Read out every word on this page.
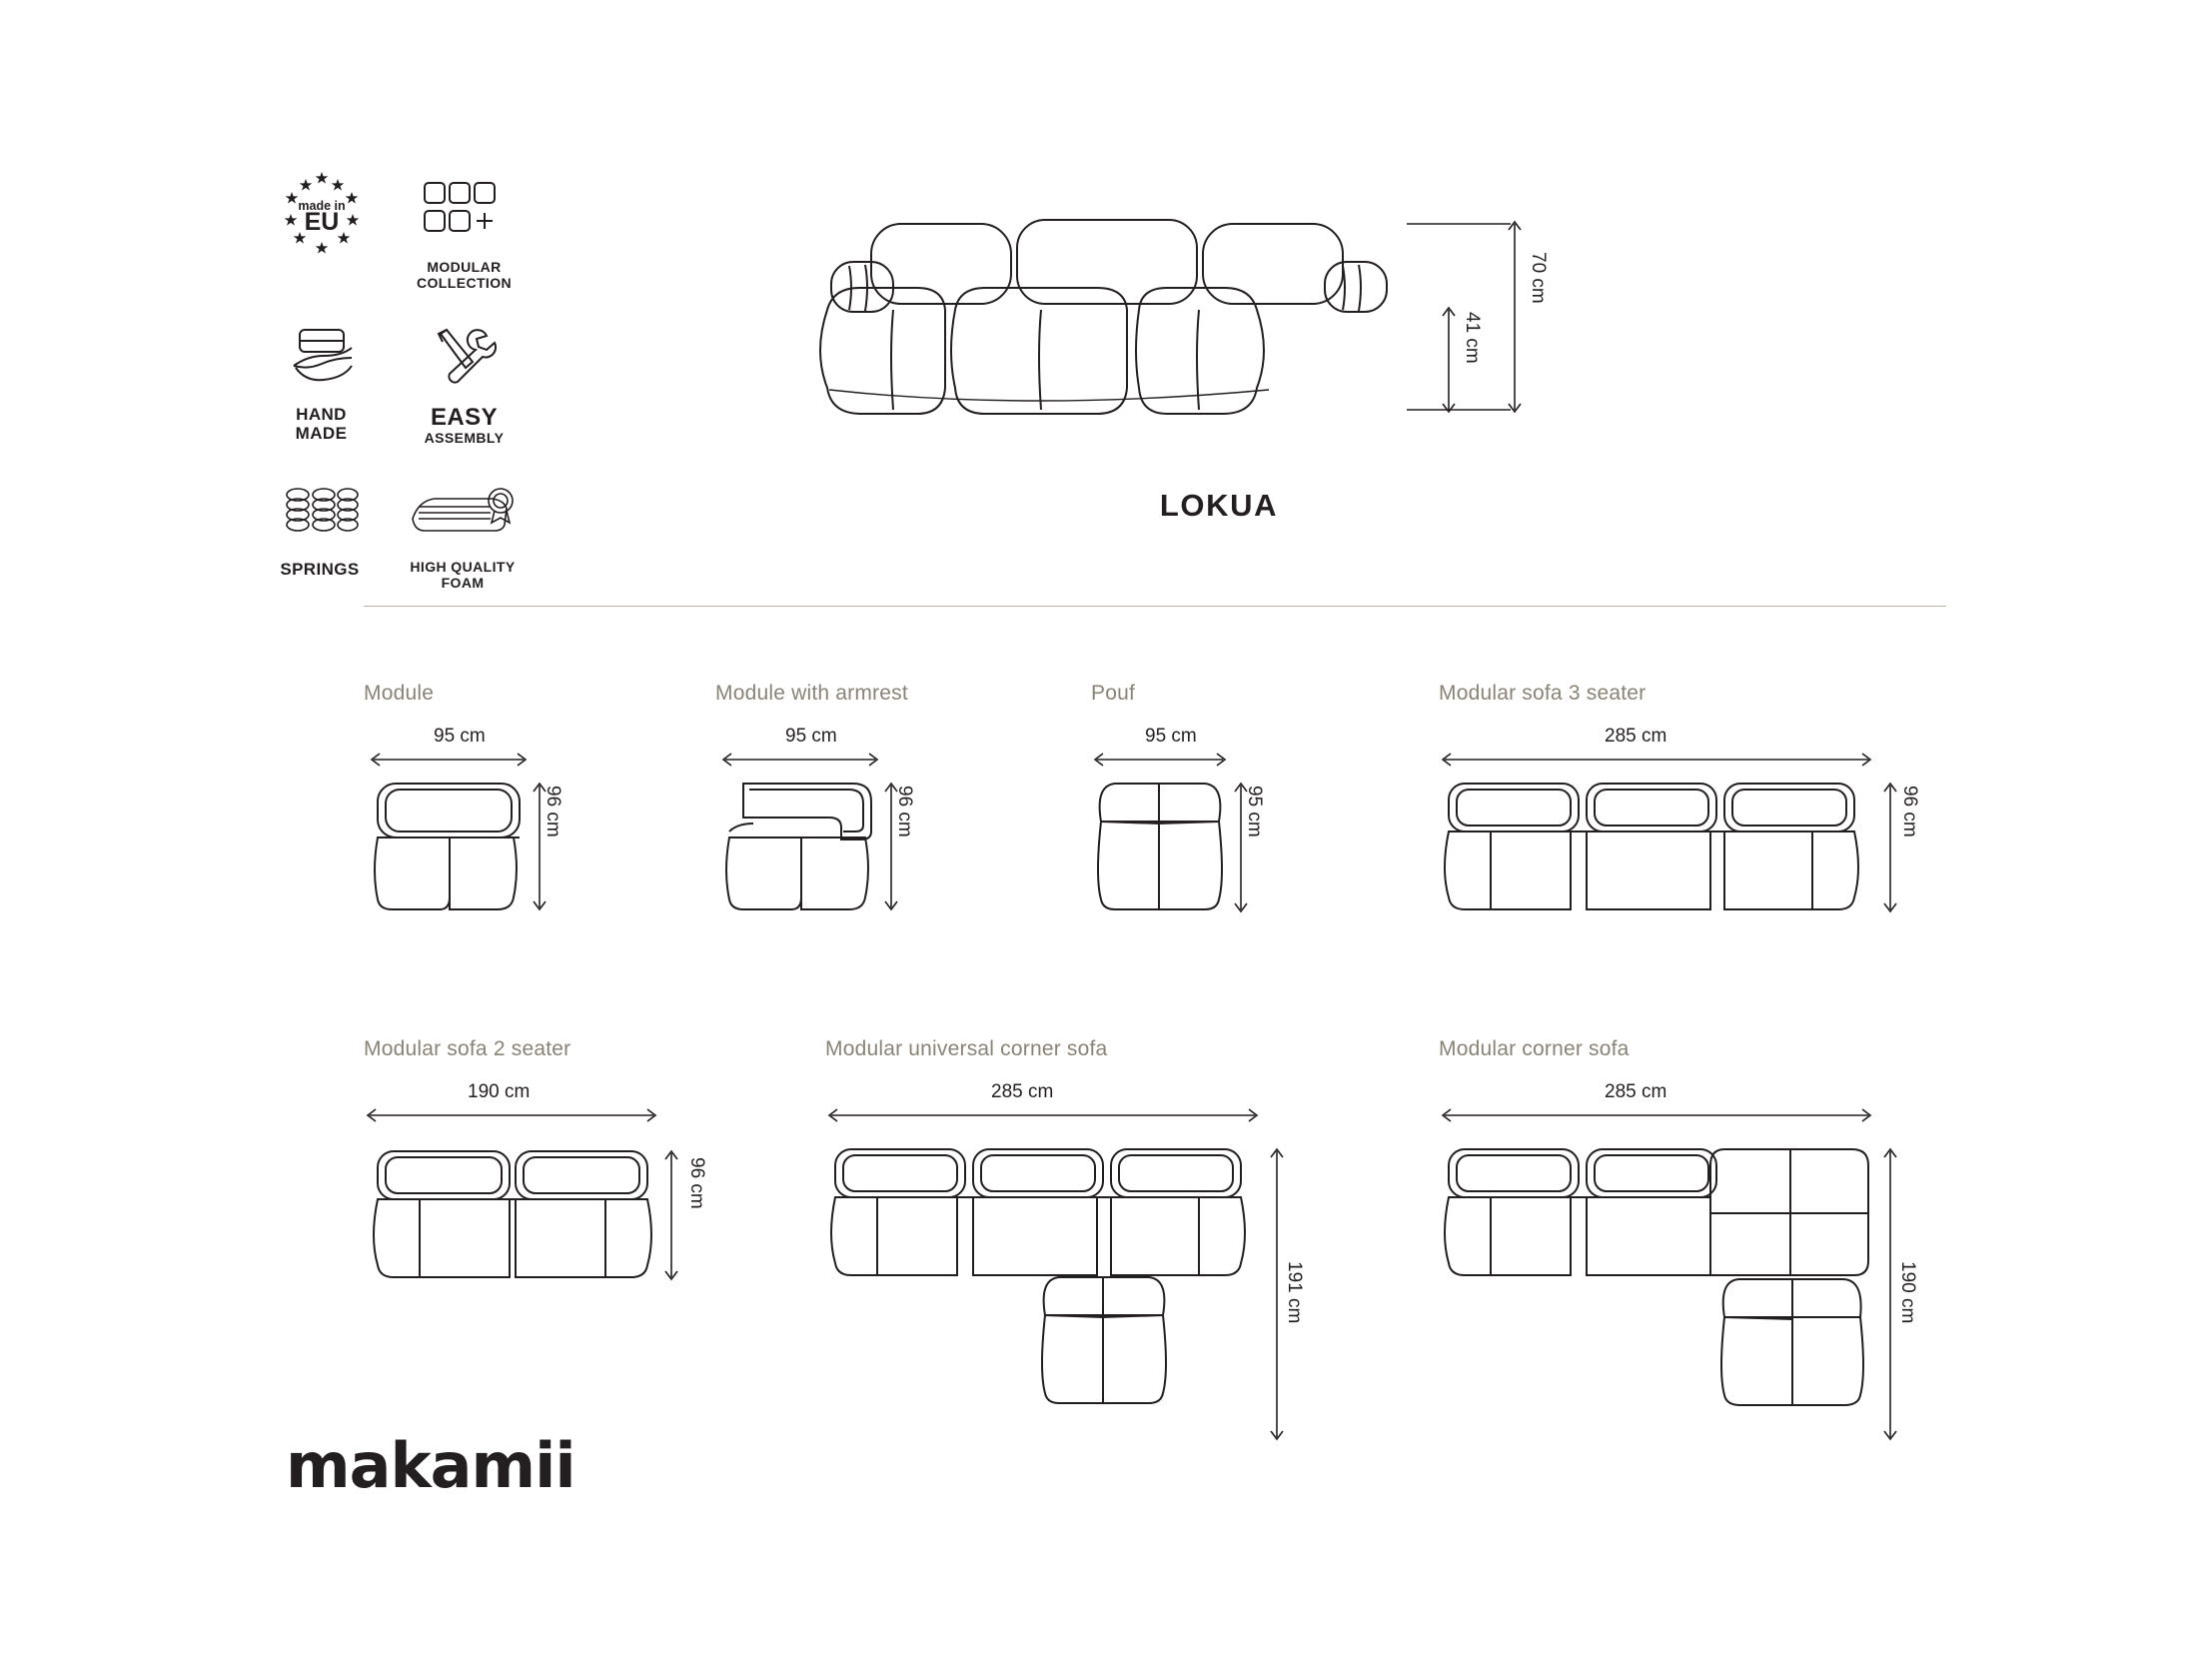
made in
EU
MODULAR COLLECTION
HAND MADE
EASY
ASSEMBLY
SPRINGS	HIGH QUALITY FOAM
70 cm
41 cm
LOKUA
Module
95 cm
96 cm
Module with armrest
95 cm
96 cm
Pouf
95 cm
95 cm
Modular sofa 3 seater
285 cm
96 cm
Modular sofa 2 seater
190 cm
96 cm
Modular universal corner sofa
285 cm
191 cm
Modular corner sofa
285 cm
190 cm
makamii
